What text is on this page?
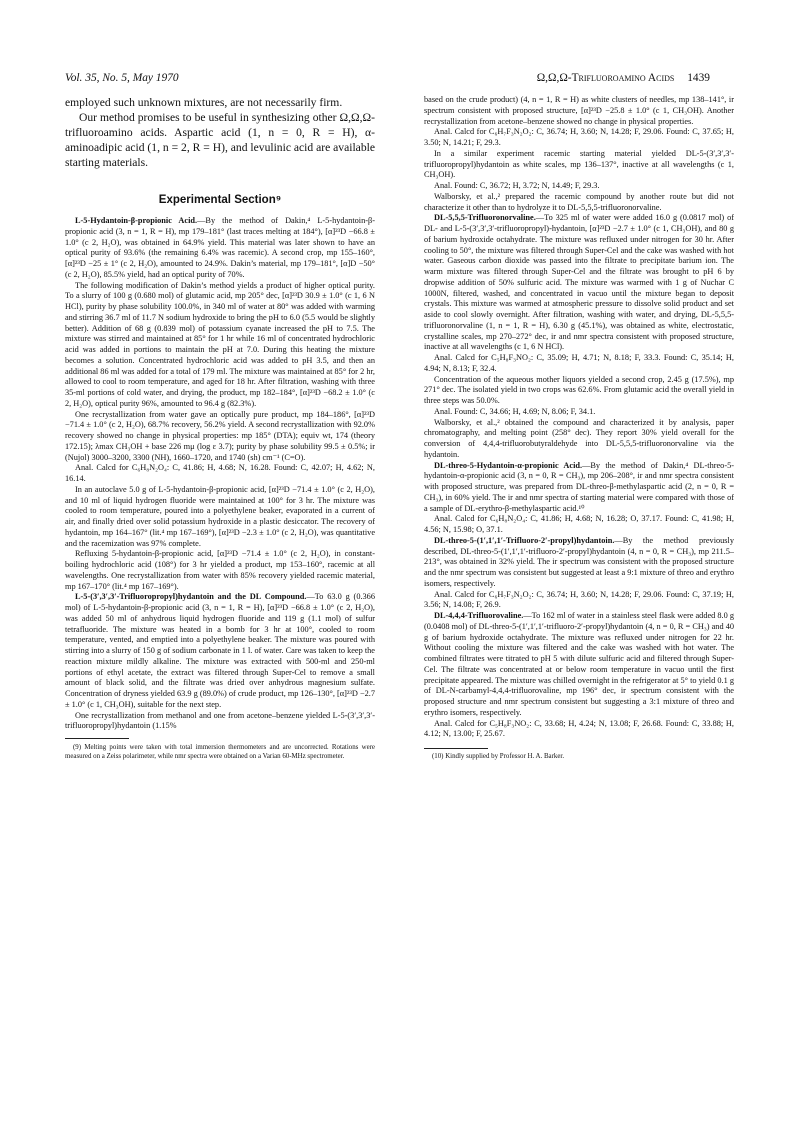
Vol. 35, No. 5, May 1970	Ω,Ω,Ω-Trifluoroamino Acids 1439

employed such unknown mixtures, are not necessarily firm.

Our method promises to be useful in synthesizing other Ω,Ω,Ω-trifluoroamino acids. Aspartic acid (1, n = 0, R = H), α-aminoadipic acid (1, n = 2, R = H), and levulinic acid are available starting materials.

Experimental Section⁹

L-5-Hydantoin-β-propionic Acid.—By the method of Dakin,⁴ L-5-hydantoin-β-propionic acid (3, n = 1, R = H), mp 179–181° (last traces melting at 184°), [α]²³D −66.8 ± 1.0° (c 2, H₂O), was obtained in 64.9% yield. This material was later shown to have an optical purity of 93.6% (the remaining 6.4% was racemic). A second crop, mp 155–160°, [α]²³D −25 ± 1° (c 2, H₂O), amounted to 24.9%. Dakin’s material, mp 179–181°, [α]D −50° (c 2, H₂O), 85.5% yield, had an optical purity of 70%.

The following modification of Dakin’s method yields a product of higher optical purity. To a slurry of 100 g (0.680 mol) of glutamic acid, mp 205° dec, [α]²³D 30.9 ± 1.0° (c 1, 6 N HCl), purity by phase solubility 100.0%, in 340 ml of water at 80° was added with warming and stirring 36.7 ml of 11.7 N sodium hydroxide to bring the pH to 6.0 (5.5 would be slightly better). Addition of 68 g (0.839 mol) of potassium cyanate increased the pH to 7.5. The mixture was stirred and maintained at 85° for 1 hr while 16 ml of concentrated hydrochloric acid was added in portions to maintain the pH at 7.0. During this heating the mixture becomes a solution. Concentrated hydrochloric acid was added to pH 3.5, and then an additional 86 ml was added for a total of 179 ml. The mixture was maintained at 85° for 2 hr, allowed to cool to room temperature, and aged for 18 hr. After filtration, washing with three 35-ml portions of cold water, and drying, the product, mp 182–184°, [α]²³D −68.2 ± 1.0° (c 2, H₂O), optical purity 96%, amounted to 96.4 g (82.3%).

One recrystallization from water gave an optically pure product, mp 184–186°, [α]²³D −71.4 ± 1.0° (c 2, H₂O), 68.7% recovery, 56.2% yield. A second recrystallization with 92.0% recovery showed no change in physical properties: mp 185° (DTA); equiv wt, 174 (theory 172.15); λmax CH₃OH + base 226 mμ (log ε 3.7); purity by phase solubility 99.5 ± 0.5%; ir (Nujol) 3000–3200, 3300 (NH), 1660–1720, and 1740 (sh) cm⁻¹ (C=O).

Anal. Calcd for C₆H₈N₂O₄: C, 41.86; H, 4.68; N, 16.28. Found: C, 42.07; H, 4.62; N, 16.14.

In an autoclave 5.0 g of L-5-hydantoin-β-propionic acid, [α]²³D −71.4 ± 1.0° (c 2, H₂O), and 10 ml of liquid hydrogen fluoride were maintained at 100° for 3 hr. The mixture was cooled to room temperature, poured into a polyethylene beaker, evaporated in a current of air, and finally dried over solid potassium hydroxide in a plastic desiccator. The recovery of hydantoin, mp 164–167° (lit.⁴ mp 167–169°), [α]²³D −2.3 ± 1.0° (c 2, H₂O), was quantitative and the racemization was 97% complete.

Refluxing 5-hydantoin-β-propionic acid, [α]²³D −71.4 ± 1.0° (c 2, H₂O), in constant-boiling hydrochloric acid (108°) for 3 hr yielded a product, mp 153–160°, racemic at all wavelengths. One recrystallization from water with 85% recovery yielded racemic material, mp 167–170° (lit.⁴ mp 167–169°).

L-5-(3′,3′,3′-Trifluoropropyl)hydantoin and the DL Compound.—To 63.0 g (0.366 mol) of L-5-hydantoin-β-propionic acid (3, n = 1, R = H), [α]²³D −66.8 ± 1.0° (c 2, H₂O), was added 50 ml of anhydrous liquid hydrogen fluoride and 119 g (1.1 mol) of sulfur tetrafluoride. The mixture was heated in a bomb for 3 hr at 100°, cooled to room temperature, vented, and emptied into a polyethylene beaker. The mixture was poured with stirring into a slurry of 150 g of sodium carbonate in 1 l. of water. Care was taken to keep the reaction mixture mildly alkaline. The mixture was extracted with 500-ml and 250-ml portions of ethyl acetate, the extract was filtered through Super-Cel to remove a small amount of black solid, and the filtrate was dried over anhydrous magnesium sulfate. Concentration of dryness yielded 63.9 g (89.0%) of crude product, mp 126–130°, [α]²³D −2.7 ± 1.0° (c 1, CH₃OH), suitable for the next step.

One recrystallization from methanol and one from acetone–benzene yielded L-5-(3′,3′,3′-trifluoropropyl)hydantoin (1.15%

(9) Melting points were taken with total immersion thermometers and are uncorrected. Rotations were measured on a Zeiss polarimeter, while nmr spectra were obtained on a Varian 60-MHz spectrometer.

based on the crude product) (4, n = 1, R = H) as white clusters of needles, mp 138–141°, ir spectrum consistent with proposed structure, [α]²³D −25.8 ± 1.0° (c 1, CH₃OH). Another recrystallization from acetone–benzene showed no change in physical properties.

Anal. Calcd for C₆H₇F₃N₂O₂: C, 36.74; H, 3.60; N, 14.28; F, 29.06. Found: C, 37.65; H, 3.50; N, 14.21; F, 29.3.

In a similar experiment racemic starting material yielded DL-5-(3′,3′,3′-trifluoropropyl)hydantoin as white scales, mp 136–137°, inactive at all wavelengths (c 1, CH₃OH).

Anal. Found: C, 36.72; H, 3.72; N, 14.49; F, 29.3.

Walborsky, et al.,² prepared the racemic compound by another route but did not characterize it other than to hydrolyze it to DL-5,5,5-trifluoronorvaline.

DL-5,5,5-Trifluoronorvaline.—To 325 ml of water were added 16.0 g (0.0817 mol) of DL- and L-5-(3′,3′,3′-trifluoropropyl)-hydantoin, [α]²³D −2.7 ± 1.0° (c 1, CH₃OH), and 80 g of barium hydroxide octahydrate. The mixture was refluxed under nitrogen for 30 hr. After cooling to 50°, the mixture was filtered through Super-Cel and the cake was washed with hot water. Gaseous carbon dioxide was passed into the filtrate to precipitate barium ion. The warm mixture was filtered through Super-Cel and the filtrate was brought to pH 6 by dropwise addition of 50% sulfuric acid. The mixture was warmed with 1 g of Nuchar C 1000N, filtered, washed, and concentrated in vacuo until the mixture began to deposit crystals. This mixture was warmed at atmospheric pressure to dissolve solid product and set aside to cool slowly overnight. After filtration, washing with water, and drying, DL-5,5,5-trifluoronorvaline (1, n = 1, R = H), 6.30 g (45.1%), was obtained as white, electrostatic, crystalline scales, mp 270–272° dec, ir and nmr spectra consistent with proposed structure, inactive at all wavelengths (c 1, 6 N HCl).

Anal. Calcd for C₅H₈F₃NO₂: C, 35.09; H, 4.71; N, 8.18; F, 33.3. Found: C, 35.14; H, 4.94; N, 8.13; F, 32.4.

Concentration of the aqueous mother liquors yielded a second crop, 2.45 g (17.5%), mp 271° dec. The isolated yield in two crops was 62.6%. From glutamic acid the overall yield in three steps was 50.0%.

Anal. Found: C, 34.66; H, 4.69; N, 8.06; F, 34.1.

Walborsky, et al.,² obtained the compound and characterized it by analysis, paper chromatography, and melting point (258° dec). They report 30% yield overall for the conversion of 4,4,4-trifluorobutyraldehyde into DL-5,5,5-trifluoronorvaline via the hydantoin.

DL-threo-5-Hydantoin-α-propionic Acid.—By the method of Dakin,⁴ DL-threo-5-hydantoin-α-propionic acid (3, n = 0, R = CH₃), mp 206–208°, ir and nmr spectra consistent with proposed structure, was prepared from DL-threo-β-methylaspartic acid (2, n = 0, R = CH₃), in 60% yield. The ir and nmr spectra of starting material were compared with those of a sample of DL-erythro-β-methylaspartic acid.¹⁰

Anal. Calcd for C₆H₈N₂O₄: C, 41.86; H, 4.68; N, 16.28; O, 37.17. Found: C, 41.98; H, 4.56; N, 15.98; O, 37.1.

DL-threo-5-(1′,1′,1′-Trifluoro-2′-propyl)hydantoin.—By the method previously described, DL-threo-5-(1′,1′,1′-trifluoro-2′-propyl)hydantoin (4, n = 0, R = CH₃), mp 211.5–213°, was obtained in 32% yield. The ir spectrum was consistent with the proposed structure and the nmr spectrum was consistent but suggested at least a 9:1 mixture of threo and erythro isomers, respectively.

Anal. Calcd for C₆H₇F₃N₂O₂: C, 36.74; H, 3.60; N, 14.28; F, 29.06. Found: C, 37.19; H, 3.56; N, 14.08; F, 26.9.

DL-4,4,4-Trifluorovaline.—To 162 ml of water in a stainless steel flask were added 8.0 g (0.0408 mol) of DL-threo-5-(1′,1′,1′-trifluoro-2′-propyl)hydantoin (4, n = 0, R = CH₃) and 40 g of barium hydroxide octahydrate. The mixture was refluxed under nitrogen for 22 hr. Without cooling the mixture was filtered and the cake was washed with hot water. The combined filtrates were titrated to pH 5 with dilute sulfuric acid and filtered through Super-Cel. The filtrate was concentrated at or below room temperature in vacuo until the first precipitate appeared. The mixture was chilled overnight in the refrigerator at 5° to yield 0.1 g of DL-N-carbamyl-4,4,4-trifluorovaline, mp 196° dec, ir spectrum consistent with the proposed structure and nmr spectrum consistent but suggesting a 3:1 mixture of threo and erythro isomers, respectively.

Anal. Calcd for C₅H₈F₃NO₂: C, 33.68; H, 4.24; N, 13.08; F, 26.68. Found: C, 33.88; H, 4.12; N, 13.00; F, 25.67.

(10) Kindly supplied by Professor H. A. Barker.
